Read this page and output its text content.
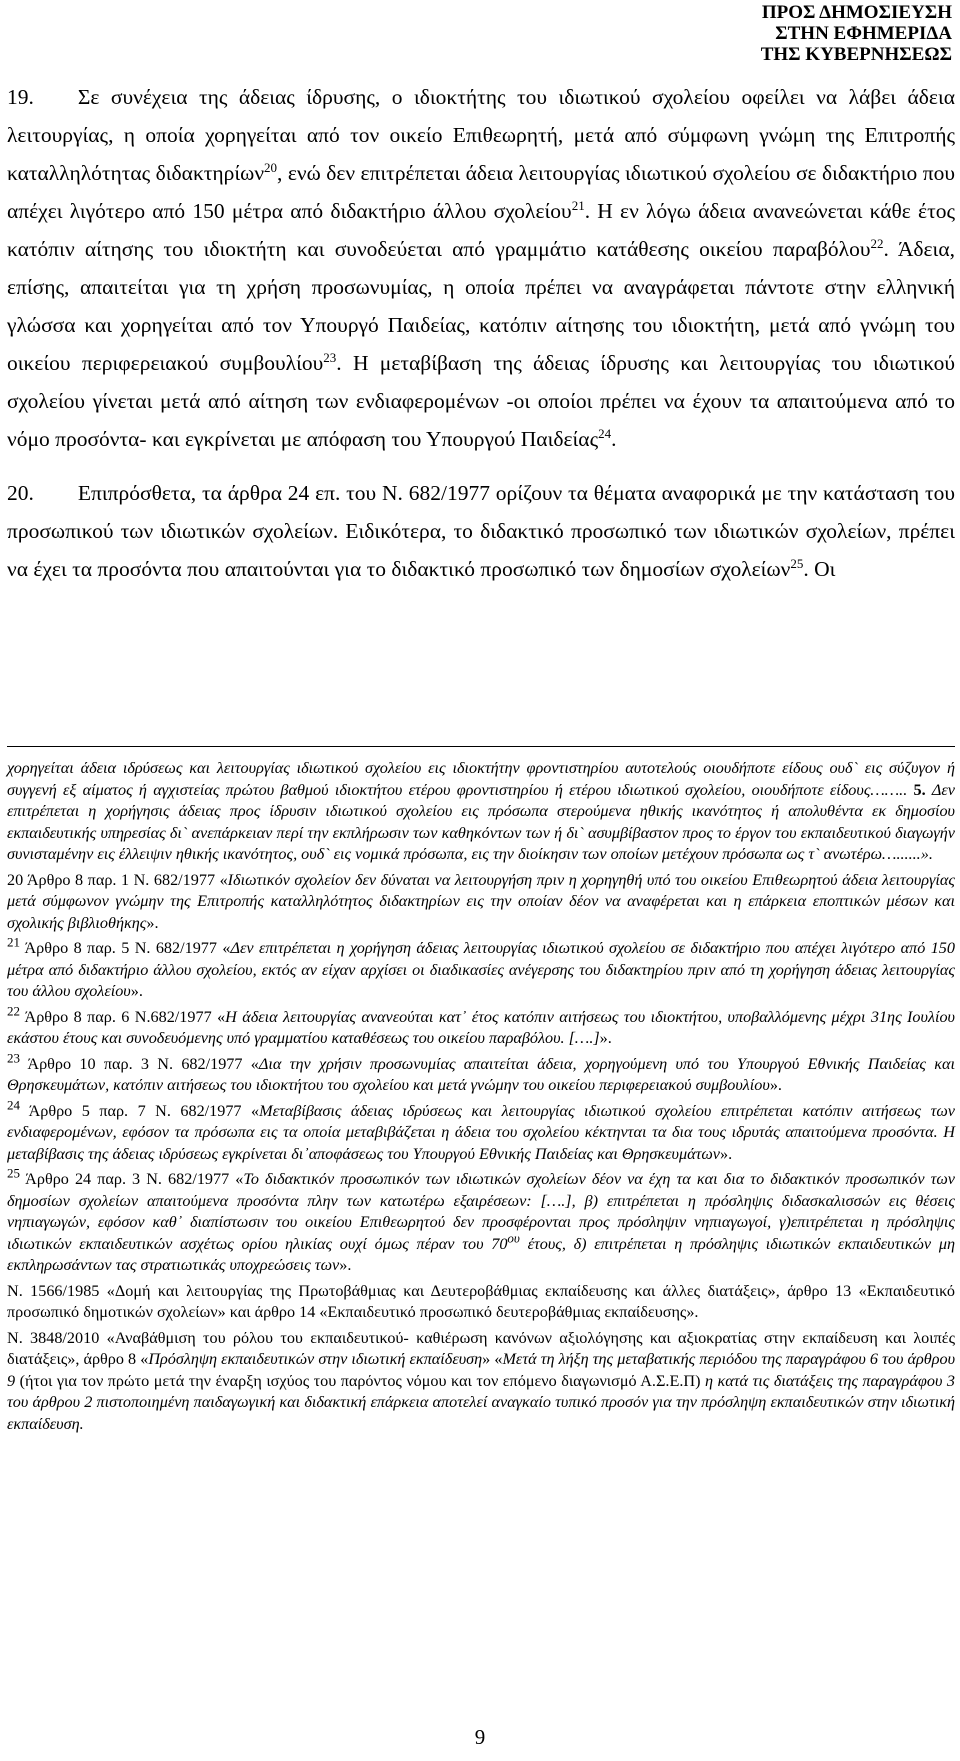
ΠΡΟΣ ΔΗΜΟΣΙΕΥΣΗ
ΣΤΗΝ ΕΦΗΜΕΡΙΔΑ
ΤΗΣ ΚΥΒΕΡΝΗΣΕΩΣ

19. Σε συνέχεια της άδειας ίδρυσης, ο ιδιοκτήτης του ιδιωτικού σχολείου οφείλει να λάβει άδεια λειτουργίας, η οποία χορηγείται από τον οικείο Επιθεωρητή, μετά από σύμφωνη γνώμη της Επιτροπής καταλληλότητας διδακτηρίων$^{20}$, ενώ δεν επιτρέπεται άδεια λειτουργίας ιδιωτικού σχολείου σε διδακτήριο που απέχει λιγότερο από 150 μέτρα από διδακτήριο άλλου σχολείου$^{21}$. Η εν λόγω άδεια ανανεώνεται κάθε έτος κατόπιν αίτησης του ιδιοκτήτη και συνοδεύεται από γραμμάτιο κατάθεσης οικείου παραβόλου$^{22}$. Άδεια, επίσης, απαιτείται για τη χρήση προσωνυμίας, η οποία πρέπει να αναγράφεται πάντοτε στην ελληνική γλώσσα και χορηγείται από τον Υπουργό Παιδείας, κατόπιν αίτησης του ιδιοκτήτη, μετά από γνώμη του οικείου περιφερειακού συμβουλίου$^{23}$. Η μεταβίβαση της άδειας ίδρυσης και λειτουργίας του ιδιωτικού σχολείου γίνεται μετά από αίτηση των ενδιαφερομένων -οι οποίοι πρέπει να έχουν τα απαιτούμενα από το νόμο προσόντα- και εγκρίνεται με απόφαση του Υπουργού Παιδείας$^{24}$.

20. Επιπρόσθετα, τα άρθρα 24 επ. του Ν. 682/1977 ορίζουν τα θέματα αναφορικά με την κατάσταση του προσωπικού των ιδιωτικών σχολείων. Ειδικότερα, το διδακτικό προσωπικό των ιδιωτικών σχολείων, πρέπει να έχει τα προσόντα που απαιτούνται για το διδακτικό προσωπικό των δημοσίων σχολείων$^{25}$. Οι

χορηγείται άδεια ιδρύσεως και λειτουργίας ιδιωτικού σχολείου εις ιδιοκτήτην φροντιστηρίου αυτοτελούς οιουδήποτε είδους ουδ` εις σύζυγον ή συγγενή εξ αίματος ή αγχιστείας πρώτου βαθμού ιδιοκτήτου ετέρου φροντιστηρίου ή ετέρου ιδιωτικού σχολείου, οιουδήποτε είδους…….. 5. Δεν επιτρέπεται η χορήγησις άδειας προς ίδρυσιν ιδιωτικού σχολείου εις πρόσωπα στερούμενα ηθικής ικανότητος ή απολυθέντα εκ δημοσίου εκπαιδευτικής υπηρεσίας δι` ανεπάρκειαν περί την εκπλήρωσιν των καθηκόντων των ή δι` ασυμβίβαστον προς το έργον του εκπαιδευτικού διαγωγήν συνισταμένην εις έλλειψιν ηθικής ικανότητος, ουδ` εις νομικά πρόσωπα, εις την διοίκησιν των οποίων μετέχουν πρόσωπα ως τ` ανωτέρω…......».

20 Άρθρο 8 παρ. 1 Ν. 682/1977 «Ιδιωτικόν σχολείον δεν δύναται να λειτουργήση πριν η χορηγηθή υπό του οικείου Επιθεωρητού άδεια λειτουργίας μετά σύμφωνον γνώμην της Επιτροπής καταλληλότητος διδακτηρίων εις την οποίαν δέον να αναφέρεται και η επάρκεια εποπτικών μέσων και σχολικής βιβλιοθήκης».

$^{21}$ Άρθρο 8 παρ. 5 Ν. 682/1977 «Δεν επιτρέπεται η χορήγηση άδειας λειτουργίας ιδιωτικού σχολείου σε διδακτήριο που απέχει λιγότερο από 150 μέτρα από διδακτήριο άλλου σχολείου, εκτός αν είχαν αρχίσει οι διαδικασίες ανέγερσης του διδακτηρίου πριν από τη χορήγηση άδειας λειτουργίας του άλλου σχολείου».

$^{22}$ Άρθρο 8 παρ. 6 Ν.682/1977 «Η άδεια λειτουργίας ανανεούται κατ᾽ έτος κατόπιν αιτήσεως του ιδιοκτήτου, υποβαλλόμενης μέχρι 31ης Ιουλίου εκάστου έτους και συνοδευόμενης υπό γραμματίου καταθέσεως του οικείου παραβόλου. [….]».

$^{23}$ Άρθρο 10 παρ. 3 Ν. 682/1977 «Δια την χρήσιν προσωνυμίας απαιτείται άδεια, χορηγούμενη υπό του Υπουργού Εθνικής Παιδείας και Θρησκευμάτων, κατόπιν αιτήσεως του ιδιοκτήτου του σχολείου και μετά γνώμην του οικείου περιφερειακού συμβουλίου».

$^{24}$ Άρθρο 5 παρ. 7 Ν. 682/1977 «Μεταβίβασις άδειας ιδρύσεως και λειτουργίας ιδιωτικού σχολείου επιτρέπεται κατόπιν αιτήσεως των ενδιαφερομένων, εφόσον τα πρόσωπα εις τα οποία μεταβιβάζεται η άδεια του σχολείου κέκτηνται τα δια τους ιδρυτάς απαιτούμενα προσόντα. Η μεταβίβασις της άδειας ιδρύσεως εγκρίνεται δι᾽αποφάσεως του Υπουργού Εθνικής Παιδείας και Θρησκευμάτων».

$^{25}$ Άρθρο 24 παρ. 3 Ν. 682/1977 «Το διδακτικόν προσωπικόν των ιδιωτικών σχολείων δέον να έχη τα και δια το διδακτικόν προσωπικόν των δημοσίων σχολείων απαιτούμενα προσόντα πλην των κατωτέρω εξαιρέσεων: [….], β) επιτρέπεται η πρόσληψις διδασκαλισσών εις θέσεις νηπιαγωγών, εφόσον καθ᾽ διαπίστωσιν του οικείου Επιθεωρητού δεν προσφέρονται προς πρόσληψιν νηπιαγωγοί, γ)επιτρέπεται η πρόσληψις ιδιωτικών εκπαιδευτικών ασχέτως ορίου ηλικίας ουχί όμως πέραν του $70^{o\upsilon}$ έτους, δ) επιτρέπεται η πρόσληψις ιδιωτικών εκπαιδευτικών μη εκπληρωσάντων τας στρατιωτικάς υποχρεώσεις των».

Ν. 1566/1985 «Δομή και λειτουργίας της Πρωτοβάθμιας και Δευτεροβάθμιας εκπαίδευσης και άλλες διατάξεις», άρθρο 13 «Εκπαιδευτικό προσωπικό δημοτικών σχολείων» και άρθρο 14 «Εκπαιδευτικό προσωπικό δευτεροβάθμιας εκπαίδευσης».

Ν. 3848/2010 «Αναβάθμιση του ρόλου του εκπαιδευτικού- καθιέρωση κανόνων αξιολόγησης και αξιοκρατίας στην εκπαίδευση και λοιπές διατάξεις», άρθρο 8 «Πρόσληψη εκπαιδευτικών στην ιδιωτική εκπαίδευση» «Μετά τη λήξη της μεταβατικής περιόδου της παραγράφου 6 του άρθρου 9 (ήτοι για τον πρώτο μετά την έναρξη ισχύος του παρόντος νόμου και τον επόμενο διαγωνισμό Α.Σ.Ε.Π) η κατά τις διατάξεις της παραγράφου 3 του άρθρου 2 πιστοποιημένη παιδαγωγική και διδακτική επάρκεια αποτελεί αναγκαίο τυπικό προσόν για την πρόσληψη εκπαιδευτικών στην ιδιωτική εκπαίδευση.

9
